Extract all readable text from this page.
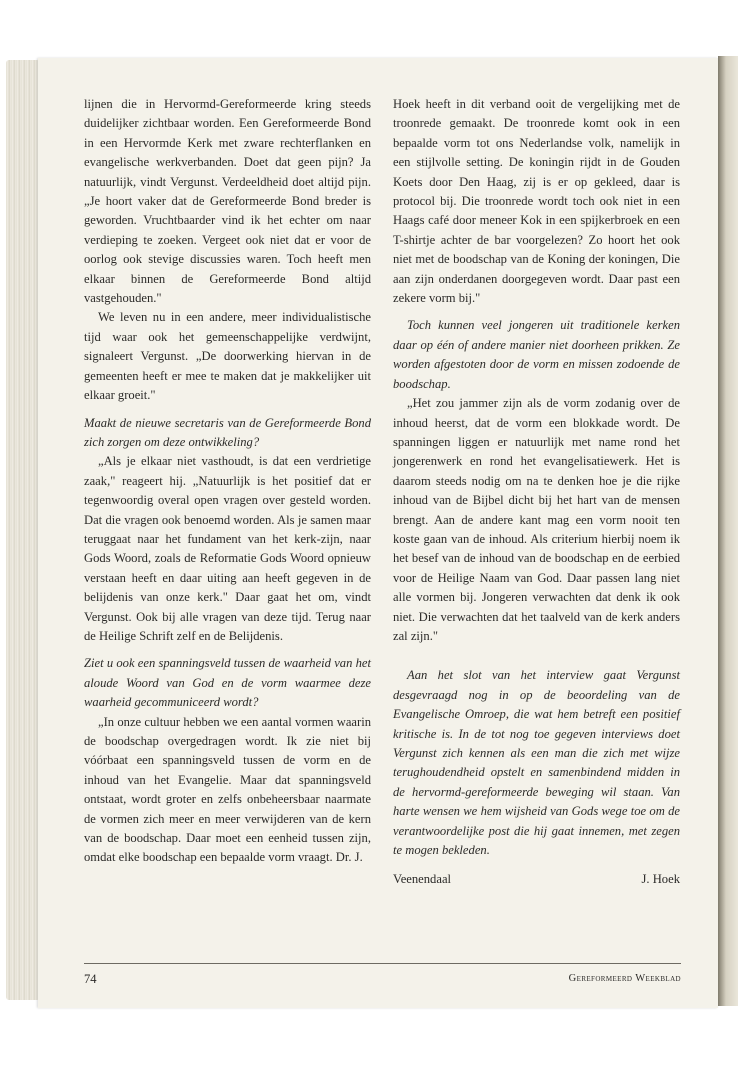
lijnen die in Hervormd-Gereformeerde kring steeds duidelijker zichtbaar worden. Een Gereformeerde Bond in een Hervormde Kerk met zware rechterflanken en evangelische werkverbanden. Doet dat geen pijn? Ja natuurlijk, vindt Vergunst. Verdeeldheid doet altijd pijn. „Je hoort vaker dat de Gereformeerde Bond breder is geworden. Vruchtbaarder vind ik het echter om naar verdieping te zoeken. Vergeet ook niet dat er voor de oorlog ook stevige discussies waren. Toch heeft men elkaar binnen de Gereformeerde Bond altijd vastgehouden."

We leven nu in een andere, meer individualistische tijd waar ook het gemeenschappelijke verdwijnt, signaleert Vergunst. „De doorwerking hiervan in de gemeenten heeft er mee te maken dat je makkelijker uit elkaar groeit."

Maakt de nieuwe secretaris van de Gereformeerde Bond zich zorgen om deze ontwikkeling?

„Als je elkaar niet vasthoudt, is dat een verdrietige zaak," reageert hij. „Natuurlijk is het positief dat er tegenwoordig overal open vragen over gesteld worden. Dat die vragen ook benoemd worden. Als je samen maar teruggaat naar het fundament van het kerk-zijn, naar Gods Woord, zoals de Reformatie Gods Woord opnieuw verstaan heeft en daar uiting aan heeft gegeven in de belijdenis van onze kerk." Daar gaat het om, vindt Vergunst. Ook bij alle vragen van deze tijd. Terug naar de Heilige Schrift zelf en de Belijdenis.

Ziet u ook een spanningsveld tussen de waarheid van het aloude Woord van God en de vorm waarmee deze waarheid gecommuniceerd wordt?

„In onze cultuur hebben we een aantal vormen waarin de boodschap overgedragen wordt. Ik zie niet bij vóórbaat een spanningsveld tussen de vorm en de inhoud van het Evangelie. Maar dat spanningsveld ontstaat, wordt groter en zelfs onbeheersbaar naarmate de vormen zich meer en meer verwijderen van de kern van de boodschap. Daar moet een eenheid tussen zijn, omdat elke boodschap een bepaalde vorm vraagt. Dr. J.

Hoek heeft in dit verband ooit de vergelijking met de troonrede gemaakt. De troonrede komt ook in een bepaalde vorm tot ons Nederlandse volk, namelijk in een stijlvolle setting. De koningin rijdt in de Gouden Koets door Den Haag, zij is er op gekleed, daar is protocol bij. Die troonrede wordt toch ook niet in een Haags café door meneer Kok in een spijkerbroek en een T-shirtje achter de bar voorgelezen? Zo hoort het ook niet met de boodschap van de Koning der koningen, Die aan zijn onderdanen doorgegeven wordt. Daar past een zekere vorm bij."

Toch kunnen veel jongeren uit traditionele kerken daar op één of andere manier niet doorheen prikken. Ze worden afgestoten door de vorm en missen zodoende de boodschap.

„Het zou jammer zijn als de vorm zodanig over de inhoud heerst, dat de vorm een blokkade wordt. De spanningen liggen er natuurlijk met name rond het jongerenwerk en rond het evangelisatiewerk. Het is daarom steeds nodig om na te denken hoe je die rijke inhoud van de Bijbel dicht bij het hart van de mensen brengt. Aan de andere kant mag een vorm nooit ten koste gaan van de inhoud. Als criterium hierbij noem ik het besef van de inhoud van de boodschap en de eerbied voor de Heilige Naam van God. Daar passen lang niet alle vormen bij. Jongeren verwachten dat denk ik ook niet. Die verwachten dat het taalveld van de kerk anders zal zijn."

Aan het slot van het interview gaat Vergunst desgevraagd nog in op de beoordeling van de Evangelische Omroep, die wat hem betreft een positief kritische is. In de tot nog toe gegeven interviews doet Vergunst zich kennen als een man die zich met wijze terughoudendheid opstelt en samenbindend midden in de hervormd-gereformeerde beweging wil staan. Van harte wensen we hem wijsheid van Gods wege toe om de verantwoordelijke post die hij gaat innemen, met zegen te mogen bekleden.

Veenendaal	J. Hoek
74	Gereformeerd Weekblad
